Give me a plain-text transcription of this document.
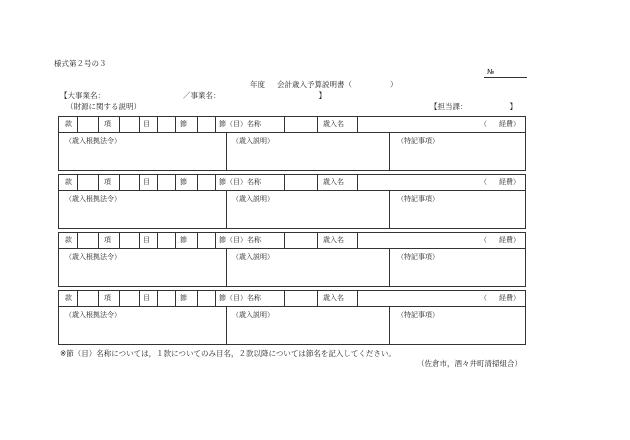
様式第２号の３
№
年度 会計歳入予算説明書（	）
【大事業名：	／事業名：	】
（財源に関する説明）	【担当課：	】
款	項	目	節	節（目）名称	歳入名	（ 経費）
（歳入根拠法令）	（歳入説明）	（特記事項）
款	項	目	節	節（目）名称	歳入名	（ 経費）
（歳入根拠法令）	（歳入説明）	（特記事項）
款	項	目	節	節（目）名称	歳入名	（ 経費）
（歳入根拠法令）	（歳入説明）	（特記事項）
款	項	目	節	節（目）名称	歳入名	（ 経費）
（歳入根拠法令）	（歳入説明）	（特記事項）
※節（目）名称については，１款についてのみ目名，２款以降については節名を記入してください。
（佐倉市，酒々井町清掃組合）
